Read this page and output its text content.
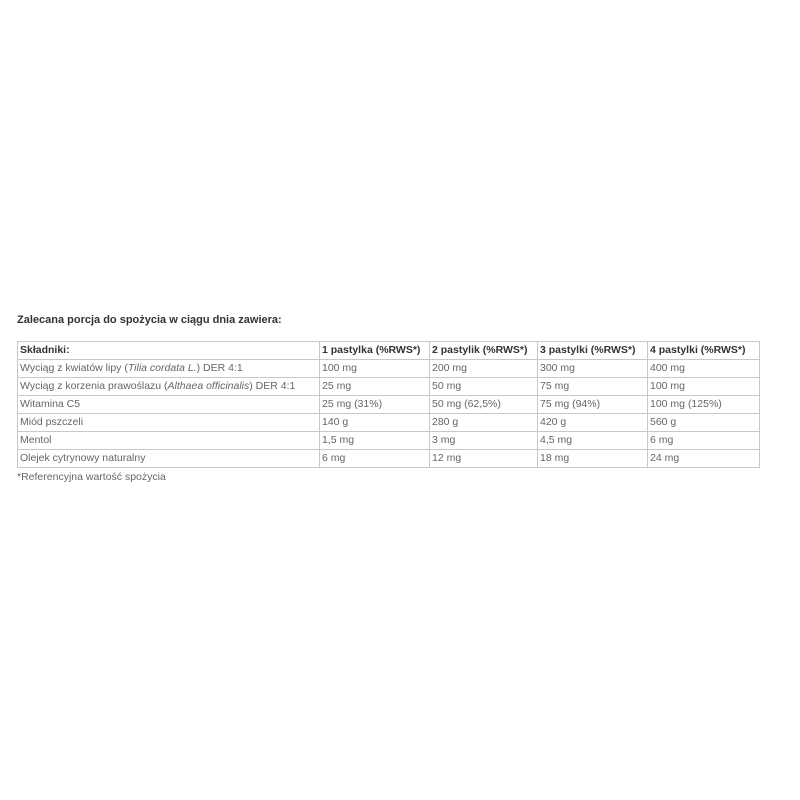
Zalecana porcja do spożycia w ciągu dnia zawiera:
Składniki:	1 pastylka (%RWS*)	2 pastylik (%RWS*)	3 pastylki (%RWS*)	4 pastylki (%RWS*)
Wyciąg z kwiatów lipy (Tilia cordata L.) DER 4:1	100 mg	200 mg	300 mg	400 mg
Wyciąg z korzenia prawoślazu (Althaea officinalis) DER 4:1	25 mg	50 mg	75 mg	100 mg
Witamina C5	25 mg (31%)	50 mg (62,5%)	75 mg (94%)	100 mg (125%)
Miód pszczeli	140 g	280 g	420 g	560 g
Mentol	1,5 mg	3 mg	4,5 mg	6 mg
Olejek cytrynowy naturalny	6 mg	12 mg	18 mg	24 mg
*Referencyjna wartość spożycia
